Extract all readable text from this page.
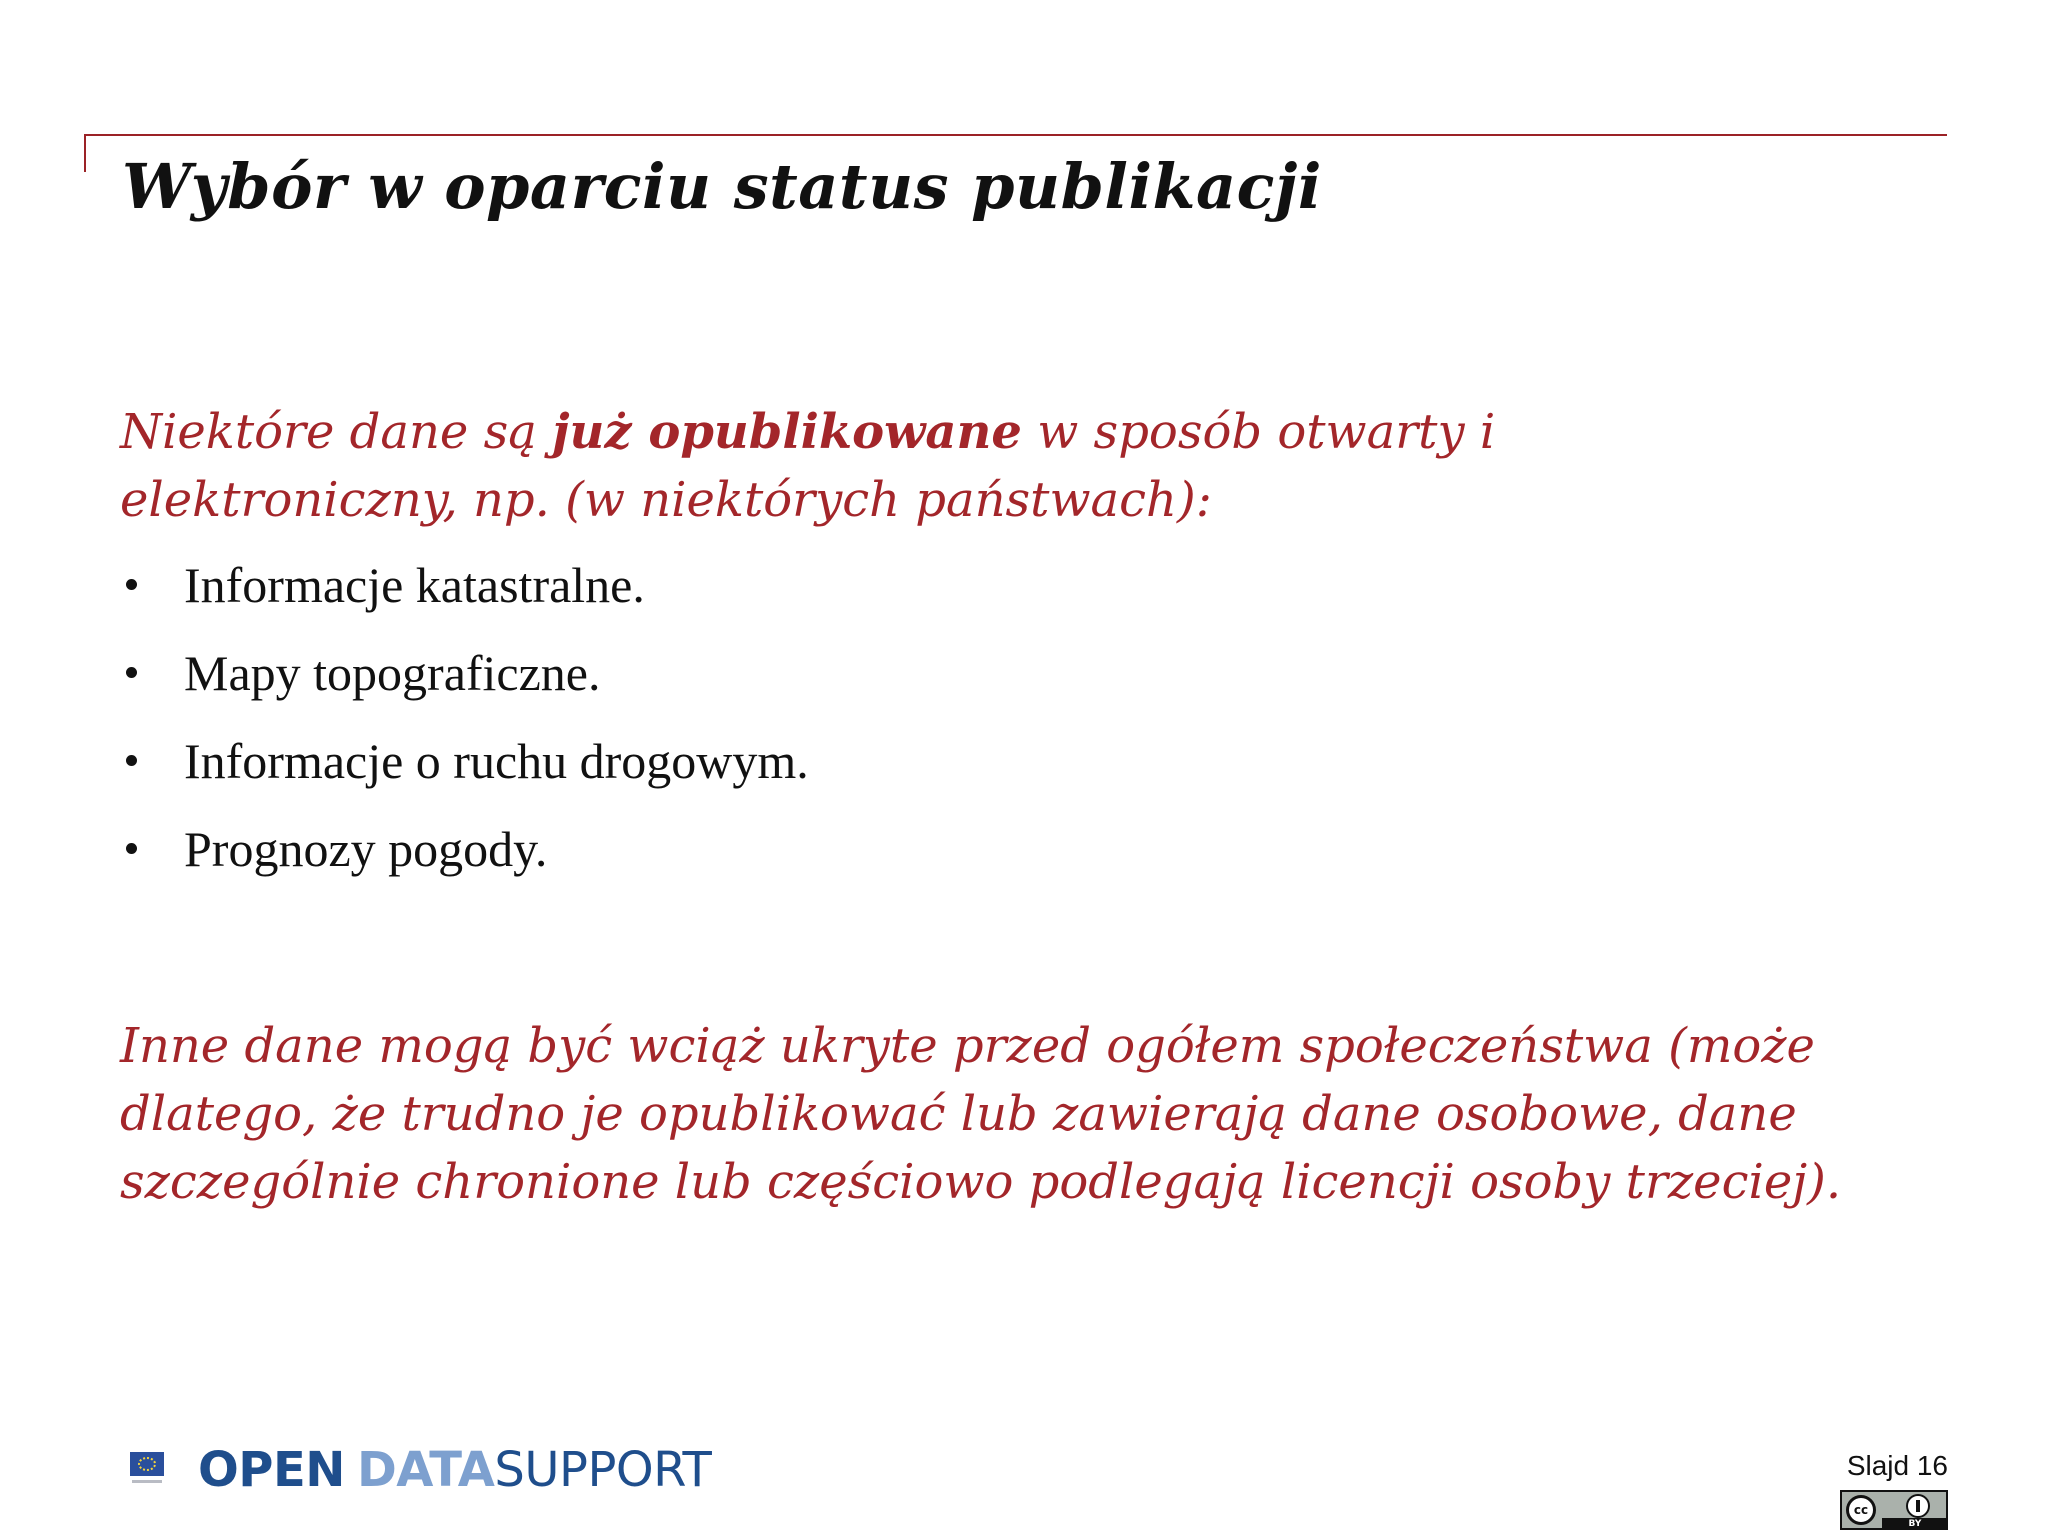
Wybór w oparciu status publikacji
Niektóre dane są już opublikowane w sposób otwarty i elektroniczny, np. (w niektórych państwach):
Informacje katastralne.
Mapy topograficzne.
Informacje o ruchu drogowym.
Prognozy pogody.
Inne dane mogą być wciąż ukryte przed ogółem społeczeństwa (może dlatego, że trudno je opublikować lub zawierają dane osobowe, dane szczególnie chronione lub częściowo podlegają licencji osoby trzeciej).
OPEN DATA SUPPORT	Slajd 16
cc
BY
